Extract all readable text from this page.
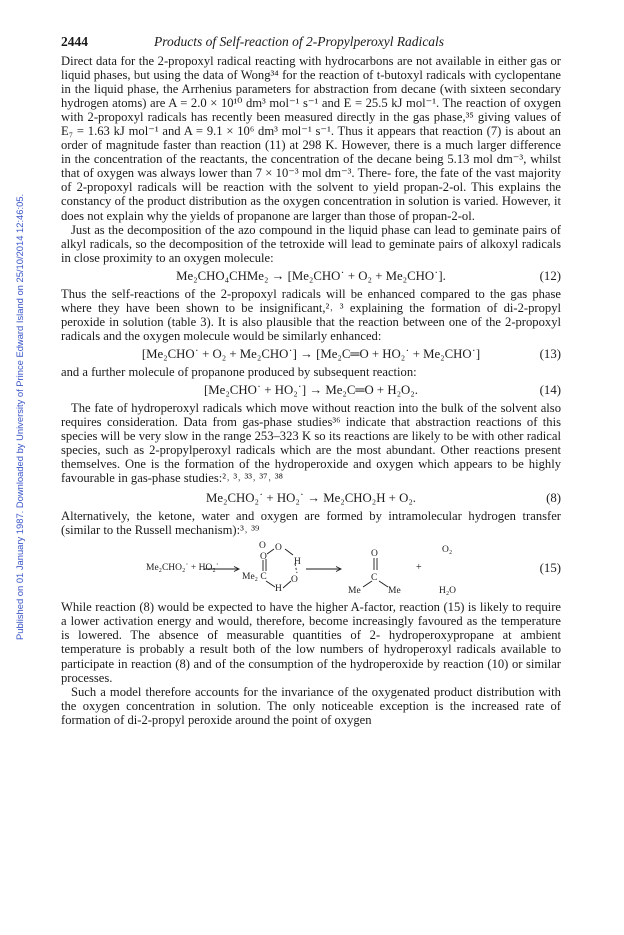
Published on 01 January 1987. Downloaded by University of Prince Edward Island on 25/10/2014 12:46:05.
2444	Products of Self-reaction of 2-Propylperoxyl Radicals

Direct data for the 2-propoxyl radical reacting with hydrocarbons are not available in either gas or liquid phases, but using the data of Wong³⁴ for the reaction of t-butoxyl radicals with cyclopentane in the liquid phase, the Arrhenius parameters for abstraction from decane (with sixteen secondary hydrogen atoms) are A = 2.0 × 10¹⁰ dm³ mol⁻¹ s⁻¹ and E = 25.5 kJ mol⁻¹. The reaction of oxygen with 2-propoxyl radicals has recently been measured directly in the gas phase,³⁵ giving values of E₇ = 1.63 kJ mol⁻¹ and A = 9.1 × 10⁶ dm³ mol⁻¹ s⁻¹. Thus it appears that reaction (7) is about an order of magnitude faster than reaction (11) at 298 K. However, there is a much larger difference in the concentration of the reactants, the concentration of the decane being 5.13 mol dm⁻³, whilst that of oxygen was always lower than 7 × 10⁻³ mol dm⁻³. There- fore, the fate of the vast majority of 2-propoxyl radicals will be reaction with the solvent to yield propan-2-ol. This explains the constancy of the product distribution as the oxygen concentration in solution is varied. However, it does not explain why the yields of propanone are larger than those of propan-2-ol.

Just as the decomposition of the azo compound in the liquid phase can lead to geminate pairs of alkyl radicals, so the decomposition of the tetroxide will lead to geminate pairs of alkoxyl radicals in close proximity to an oxygen molecule:

Me₂CHO₄CHMe₂ → [Me₂CHO˙ + O₂ + Me₂CHO˙].	(12)

Thus the self-reactions of the 2-propoxyl radicals will be enhanced compared to the gas phase where they have been shown to be insignificant,²˒ ³ explaining the formation of di-2-propyl peroxide in solution (table 3). It is also plausible that the reaction between one of the 2-propoxyl radicals and the oxygen molecule would be similarly enhanced:

[Me₂CHO˙ + O₂ + Me₂CHO˙] → [Me₂C═O + HO₂˙ + Me₂CHO˙]	(13)

and a further molecule of propanone produced by subsequent reaction:

[Me₂CHO˙ + HO₂˙] → Me₂C═O + H₂O₂.	(14)

The fate of hydroperoxyl radicals which move without reaction into the bulk of the solvent also requires consideration. Data from gas-phase studies³⁶ indicate that abstraction reactions of this species will be very slow in the range 253–323 K so its reactions are likely to be with other radical species, such as 2-propylperoxyl radicals which are the most abundant. Other reactions present themselves. One is the formation of the hydroperoxide and oxygen which appears to be highly favourable in gas-phase studies:²˒ ³˒ ³³˒ ³⁷˒ ³⁸

Me₂CHO₂˙ + HO₂˙ → Me₂CHO₂H + O₂.	(8)

Alternatively, the ketone, water and oxygen are formed by intramolecular hydrogen transfer (similar to the Russell mechanism):³˒ ³⁹

Me₂CHO₂˙ + HO₂˙
O O
O
O
Me₂ C
H
H
O
C
Me	Me
+
O₂
H₂O
(15)

While reaction (8) would be expected to have the higher A-factor, reaction (15) is likely to require a lower activation energy and would, therefore, become increasingly favoured as the temperature is lowered. The absence of measurable quantities of 2- hydroperoxypropane at ambient temperature is probably a result both of the low numbers of hydroperoxyl radicals available to participate in reaction (8) and of the consumption of the hydroperoxide by reaction (10) or similar processes.

Such a model therefore accounts for the invariance of the oxygenated product distribution with the oxygen concentration in solution. The only noticeable exception is the increased rate of formation of di-2-propyl peroxide around the point of oxygen
